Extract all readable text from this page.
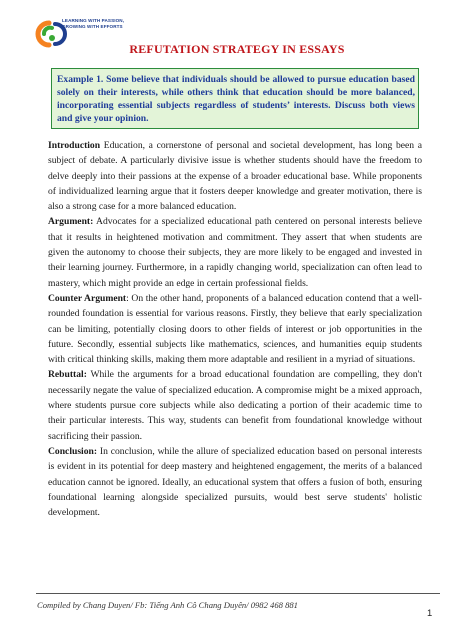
LEARNING WITH PASSION,
GROWING WITH EFFORTS
REFUTATION STRATEGY IN ESSAYS

Example 1. Some believe that individuals should be allowed to pursue education based solely on their interests, while others think that education should be more balanced, incorporating essential subjects regardless of students’ interests. Discuss both views and give your opinion.

Introduction Education, a cornerstone of personal and societal development, has long been a subject of debate. A particularly divisive issue is whether students should have the freedom to delve deeply into their passions at the expense of a broader educational base. While proponents of individualized learning argue that it fosters deeper knowledge and greater motivation, there is also a strong case for a more balanced education.

Argument: Advocates for a specialized educational path centered on personal interests believe that it results in heightened motivation and commitment. They assert that when students are given the autonomy to choose their subjects, they are more likely to be engaged and invested in their learning journey. Furthermore, in a rapidly changing world, specialization can often lead to mastery, which might provide an edge in certain professional fields.

Counter Argument: On the other hand, proponents of a balanced education contend that a well-rounded foundation is essential for various reasons. Firstly, they believe that early specialization can be limiting, potentially closing doors to other fields of interest or job opportunities in the future. Secondly, essential subjects like mathematics, sciences, and humanities equip students with critical thinking skills, making them more adaptable and resilient in a myriad of situations.

Rebuttal: While the arguments for a broad educational foundation are compelling, they don't necessarily negate the value of specialized education. A compromise might be a mixed approach, where students pursue core subjects while also dedicating a portion of their academic time to their particular interests. This way, students can benefit from foundational knowledge without sacrificing their passion.

Conclusion: In conclusion, while the allure of specialized education based on personal interests is evident in its potential for deep mastery and heightened engagement, the merits of a balanced education cannot be ignored. Ideally, an educational system that offers a fusion of both, ensuring foundational learning alongside specialized pursuits, would best serve students' holistic development.

Compiled by Chang Duyen/ Fb: Tiếng Anh Cô Chang Duyên/ 0982 468 881
1
